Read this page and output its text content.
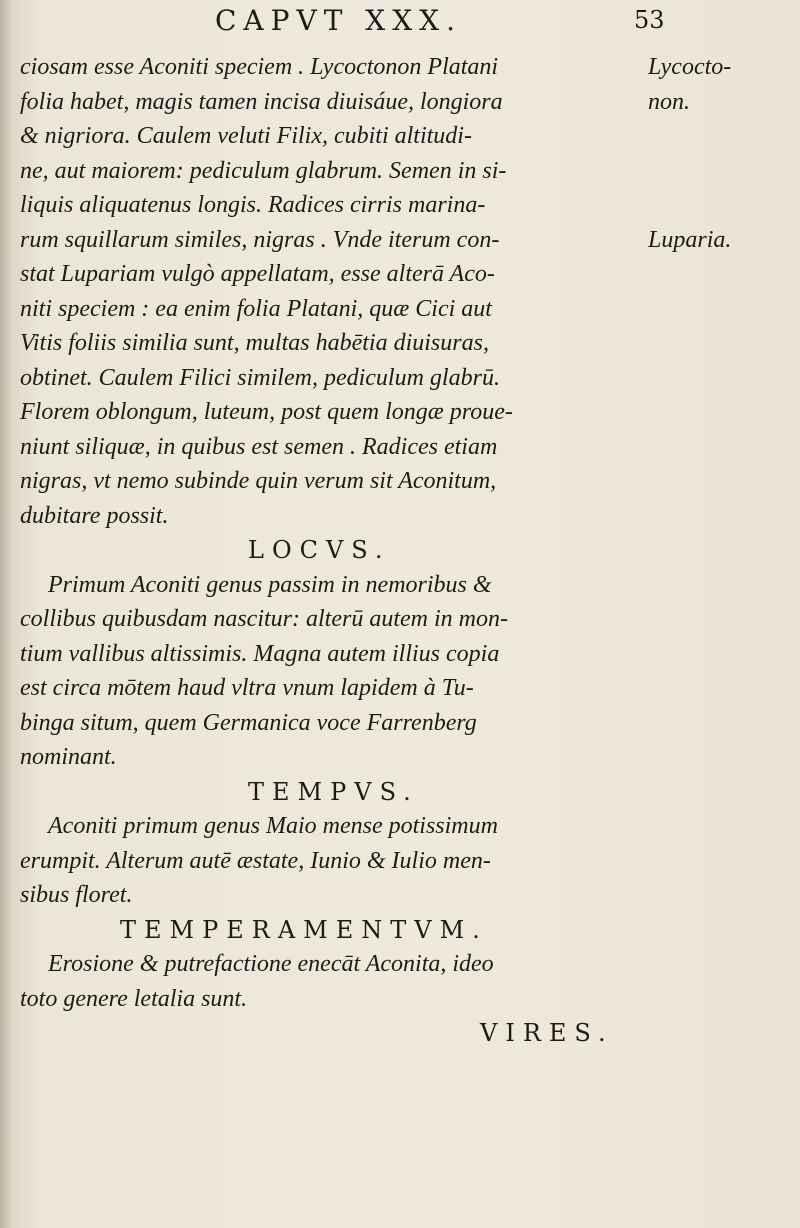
CAPVT XXX.	53
ciosam esse Aconiti speciem . Lycoctonon Platani
folia habet, magis tamen incisa diuisáue, longiora
& nigriora. Caulem veluti Filix, cubiti altitudi-
ne, aut maiorem: pediculum glabrum. Semen in si-
liquis aliquatenus longis. Radices cirris marina-
rum squillarum similes, nigras . Vnde iterum con-
stat Lupariam vulgò appellatam, esse alterā Aco-
niti speciem : ea enim folia Platani, quæ Cici aut
Vitis foliis similia sunt, multas habētia diuisuras,
obtinet. Caulem Filici similem, pediculum glabrū.
Florem oblongum, luteum, post quem longæ proue-
niunt siliquæ, in quibus est semen . Radices etiam
nigras, vt nemo subinde quin verum sit Aconitum,
dubitare possit.
LOCVS.
Primum Aconiti genus passim in nemoribus &
collibus quibusdam nascitur: alterū autem in mon-
tium vallibus altissimis. Magna autem illius copia
est circa mōtem haud vltra vnum lapidem à Tu-
binga situm, quem Germanica voce Farrenberg
nominant.
TEMPVS.
Aconiti primum genus Maio mense potissimum
erumpit. Alterum autē æstate, Iunio & Iulio men-
sibus floret.
TEMPERAMENTVM.
Erosione & putrefactione enecāt Aconita, ideo
toto genere letalia sunt.
VIRES.
Lycocto-
non.
Luparia.
